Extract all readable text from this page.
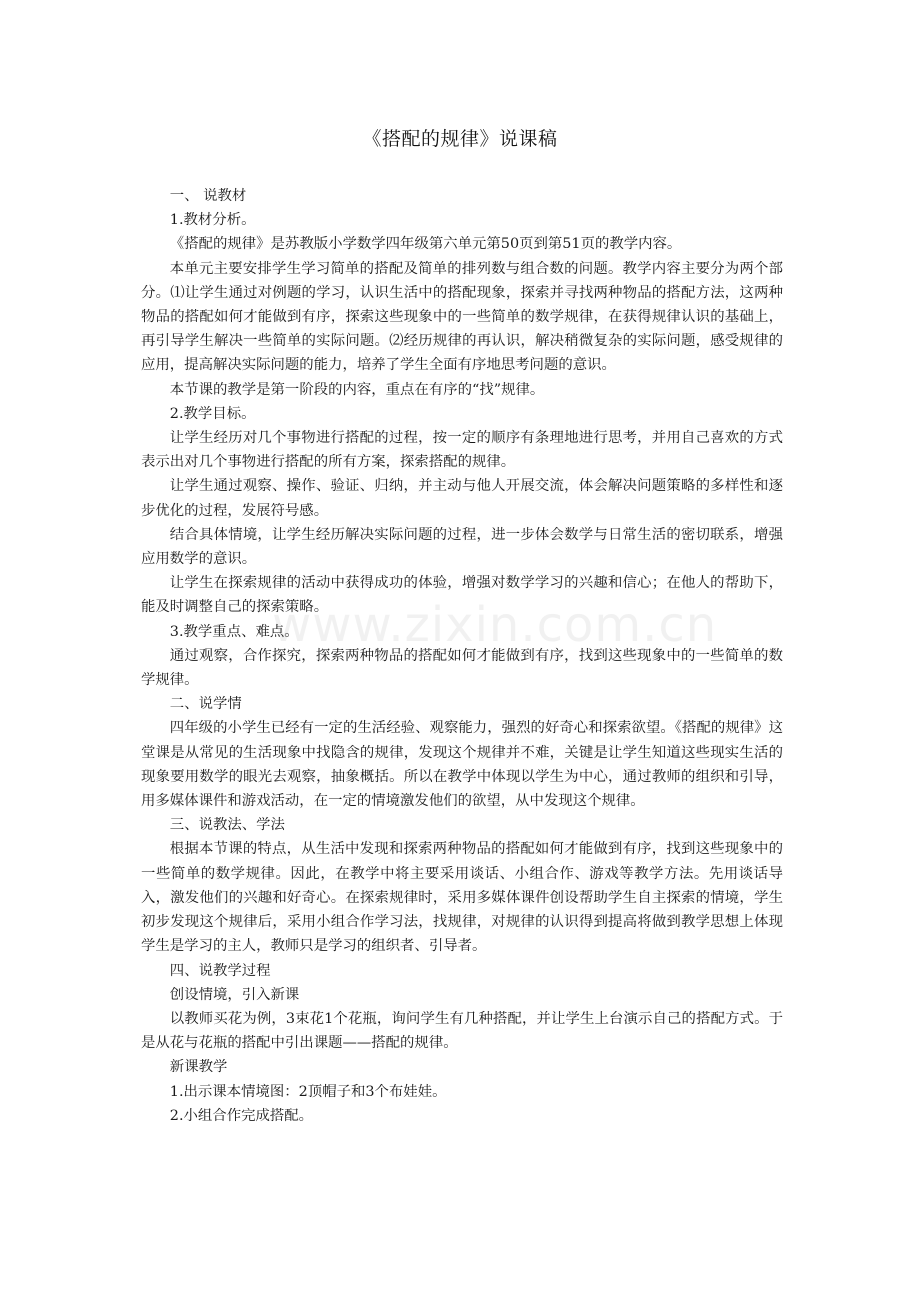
《搭配的规律》说课稿

一、 说教材

1.教材分析。

《搭配的规律》是苏教版小学数学四年级第六单元第50页到第51页的教学内容。

本单元主要安排学生学习简单的搭配及简单的排列数与组合数的问题。教学内容主要分为两个部分。⑴让学生通过对例题的学习，认识生活中的搭配现象，探索并寻找两种物品的搭配方法，这两种物品的搭配如何才能做到有序，探索这些现象中的一些简单的数学规律，在获得规律认识的基础上，再引导学生解决一些简单的实际问题。⑵经历规律的再认识，解决稍微复杂的实际问题，感受规律的应用，提高解决实际问题的能力，培养了学生全面有序地思考问题的意识。

本节课的教学是第一阶段的内容，重点在有序的“找”规律。

2.教学目标。

让学生经历对几个事物进行搭配的过程，按一定的顺序有条理地进行思考，并用自己喜欢的方式表示出对几个事物进行搭配的所有方案，探索搭配的规律。

让学生通过观察、操作、验证、归纳，并主动与他人开展交流，体会解决问题策略的多样性和逐步优化的过程，发展符号感。

结合具体情境，让学生经历解决实际问题的过程，进一步体会数学与日常生活的密切联系，增强应用数学的意识。

让学生在探索规律的活动中获得成功的体验，增强对数学学习的兴趣和信心；在他人的帮助下，能及时调整自己的探索策略。

3.教学重点、难点。

通过观察，合作探究，探索两种物品的搭配如何才能做到有序，找到这些现象中的一些简单的数学规律。

二、说学情

四年级的小学生已经有一定的生活经验、观察能力，强烈的好奇心和探索欲望。《搭配的规律》这堂课是从常见的生活现象中找隐含的规律，发现这个规律并不难，关键是让学生知道这些现实生活的现象要用数学的眼光去观察，抽象概括。所以在教学中体现以学生为中心，通过教师的组织和引导，用多媒体课件和游戏活动，在一定的情境激发他们的欲望，从中发现这个规律。

三、说教法、学法

根据本节课的特点，从生活中发现和探索两种物品的搭配如何才能做到有序，找到这些现象中的一些简单的数学规律。因此，在教学中将主要采用谈话、小组合作、游戏等教学方法。先用谈话导入，激发他们的兴趣和好奇心。在探索规律时，采用多媒体课件创设帮助学生自主探索的情境，学生初步发现这个规律后，采用小组合作学习法，找规律，对规律的认识得到提高将做到教学思想上体现学生是学习的主人，教师只是学习的组织者、引导者。

四、说教学过程

创设情境，引入新课

以教师买花为例，3束花1个花瓶，询问学生有几种搭配，并让学生上台演示自己的搭配方式。于是从花与花瓶的搭配中引出课题——搭配的规律。

新课教学

1.出示课本情境图：2顶帽子和3个布娃娃。

2.小组合作完成搭配。

www.zixin.com.cn
